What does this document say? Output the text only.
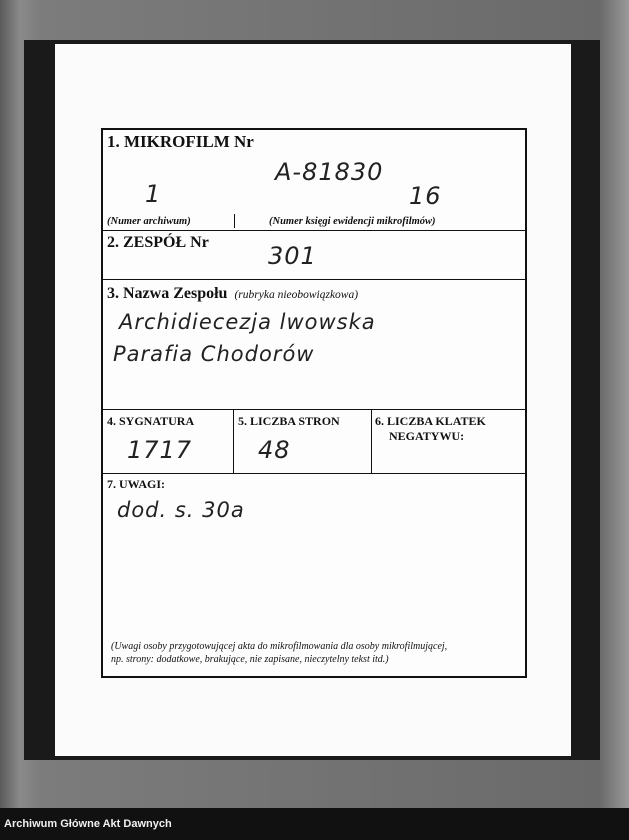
1. MIKROFILM Nr
A-81830
1	16
(Numer archiwum)	(Numer księgi ewidencji mikrofilmów)
2. ZESPÓŁ Nr 301
3. Nazwa Zespołu (rubryka nieobowiązkowa)
Archidiecezja lwowska
Parafia Chodorów
4. SYGNATURA
1717
5. LICZBA STRON
48
6. LICZBA KLATEK
NEGATYWU:
7. UWAGI:
dod. s. 30a
(Uwagi osoby przygotowującej akta do mikrofilmowania dla osoby mikrofilmującej,
np. strony: dodatkowe, brakujące, nie zapisane, nieczytelny tekst itd.)
Archiwum Główne Akt Dawnych
